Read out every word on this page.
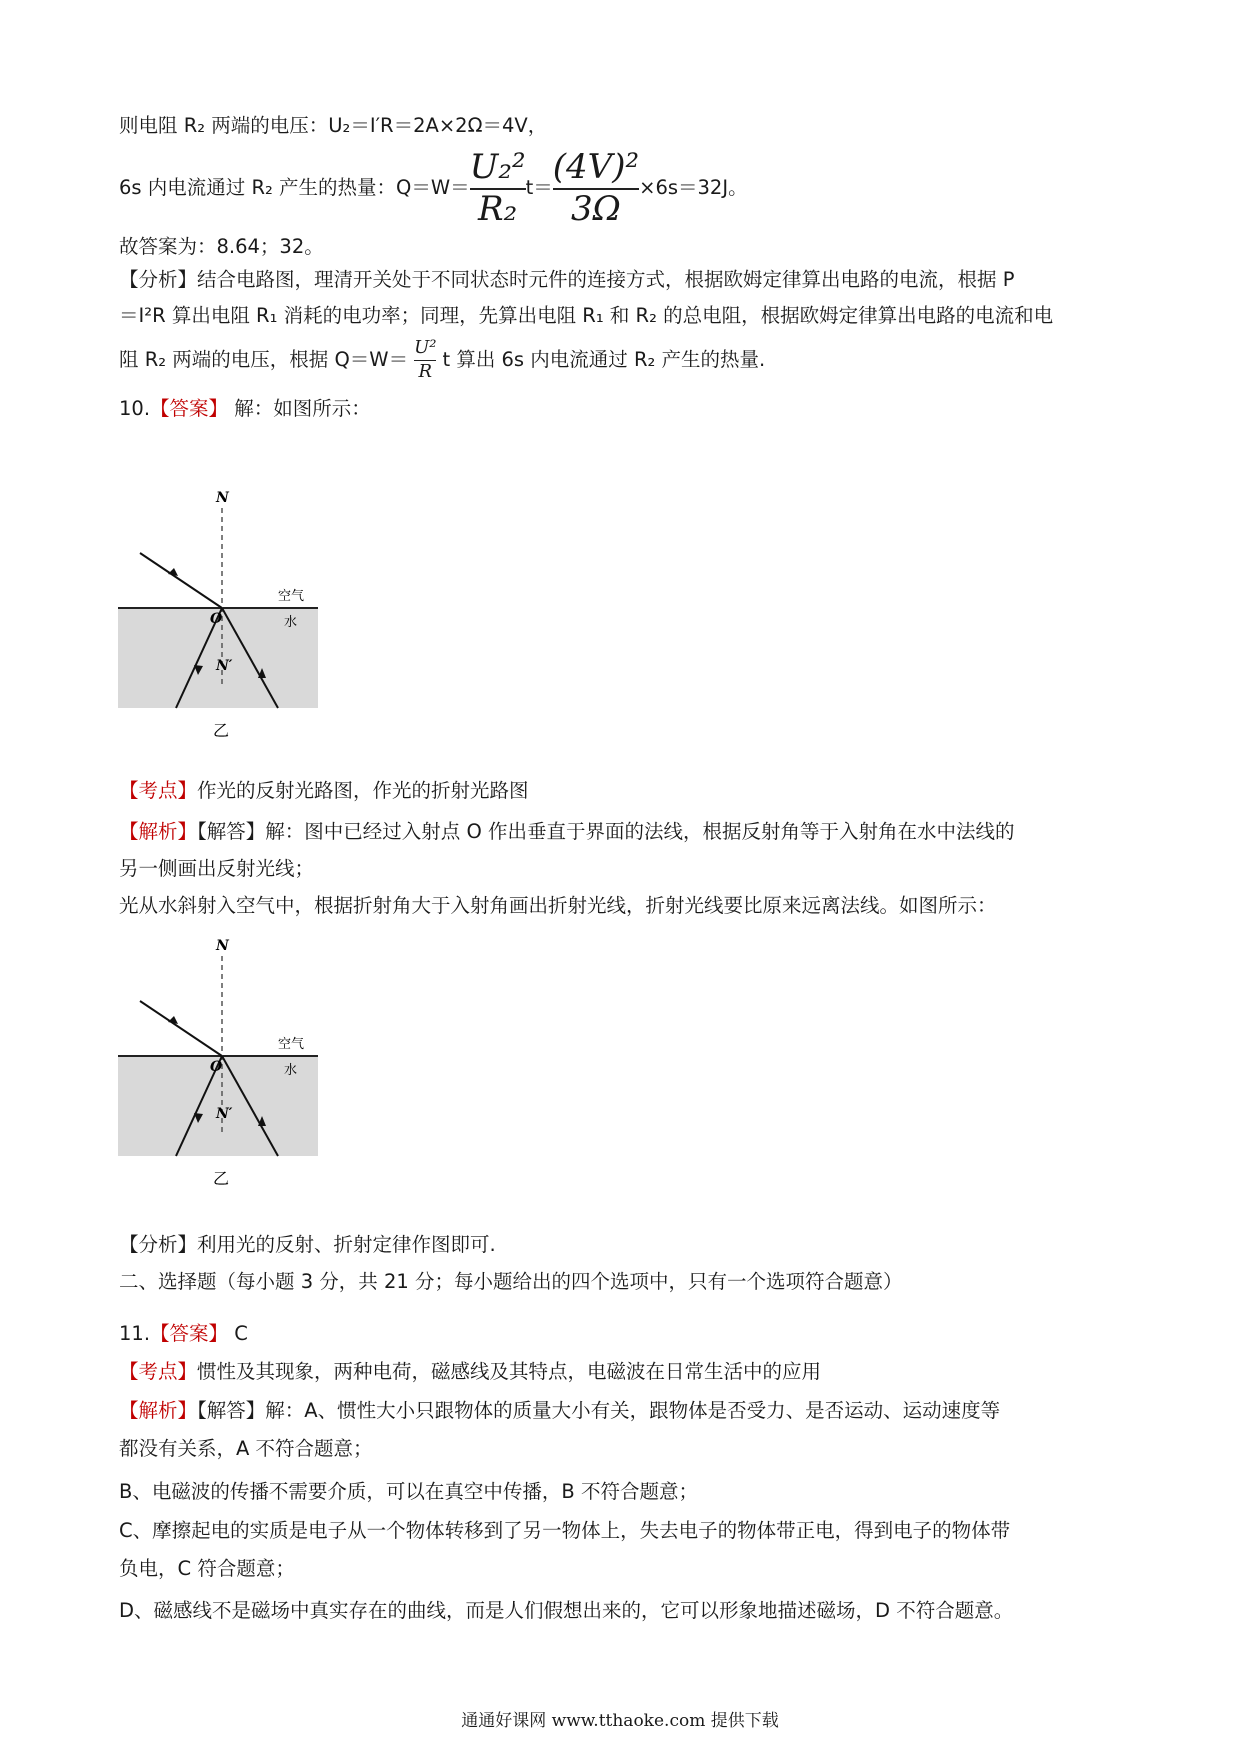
则电阻 R₂ 两端的电压：U₂＝I′R＝2A×2Ω＝4V，
6s 内电流通过 R₂ 产生的热量：$Q=W= \frac{\text{U₂²}}{\text{R₂}} t= \frac{\text{(4V)²}}{3\Omega} \times 6s=32J$。
故答案为：8.64；32。
【分析】结合电路图，理清开关处于不同状态时元件的连接方式，根据欧姆定律算出电路的电流，根据 P
＝I²R 算出电阻 R₁ 消耗的电功率；同理，先算出电阻 R₁ 和 R₂ 的总电阻，根据欧姆定律算出电路的电流和电
阻 R₂ 两端的电压，根据 $Q=W= \frac{\text{U²}}{R}$ t 算出 6s 内电流通过 R₂ 产生的热量.
10.【答案】 解：如图所示：
N
O
N′
空气
水
乙
【考点】作光的反射光路图，作光的折射光路图
【解析】【解答】解：图中已经过入射点 O 作出垂直于界面的法线，根据反射角等于入射角在水中法线的
另一侧画出反射光线；
光从水斜射入空气中，根据折射角大于入射角画出折射光线，折射光线要比原来远离法线。如图所示：
N
O
N′
空气
水
乙
【分析】利用光的反射、折射定律作图即可.
二、选择题（每小题 3 分，共 21 分；每小题给出的四个选项中，只有一个选项符合题意）
11.【答案】 C
【考点】惯性及其现象，两种电荷，磁感线及其特点，电磁波在日常生活中的应用
【解析】【解答】解：A、惯性大小只跟物体的质量大小有关，跟物体是否受力、是否运动、运动速度等
都没有关系，A 不符合题意；
B、电磁波的传播不需要介质，可以在真空中传播，B 不符合题意；
C、摩擦起电的实质是电子从一个物体转移到了另一物体上，失去电子的物体带正电，得到电子的物体带
负电，C 符合题意；
D、磁感线不是磁场中真实存在的曲线，而是人们假想出来的，它可以形象地描述磁场，D 不符合题意。
通通好课网 www.tthaoke.com 提供下载
